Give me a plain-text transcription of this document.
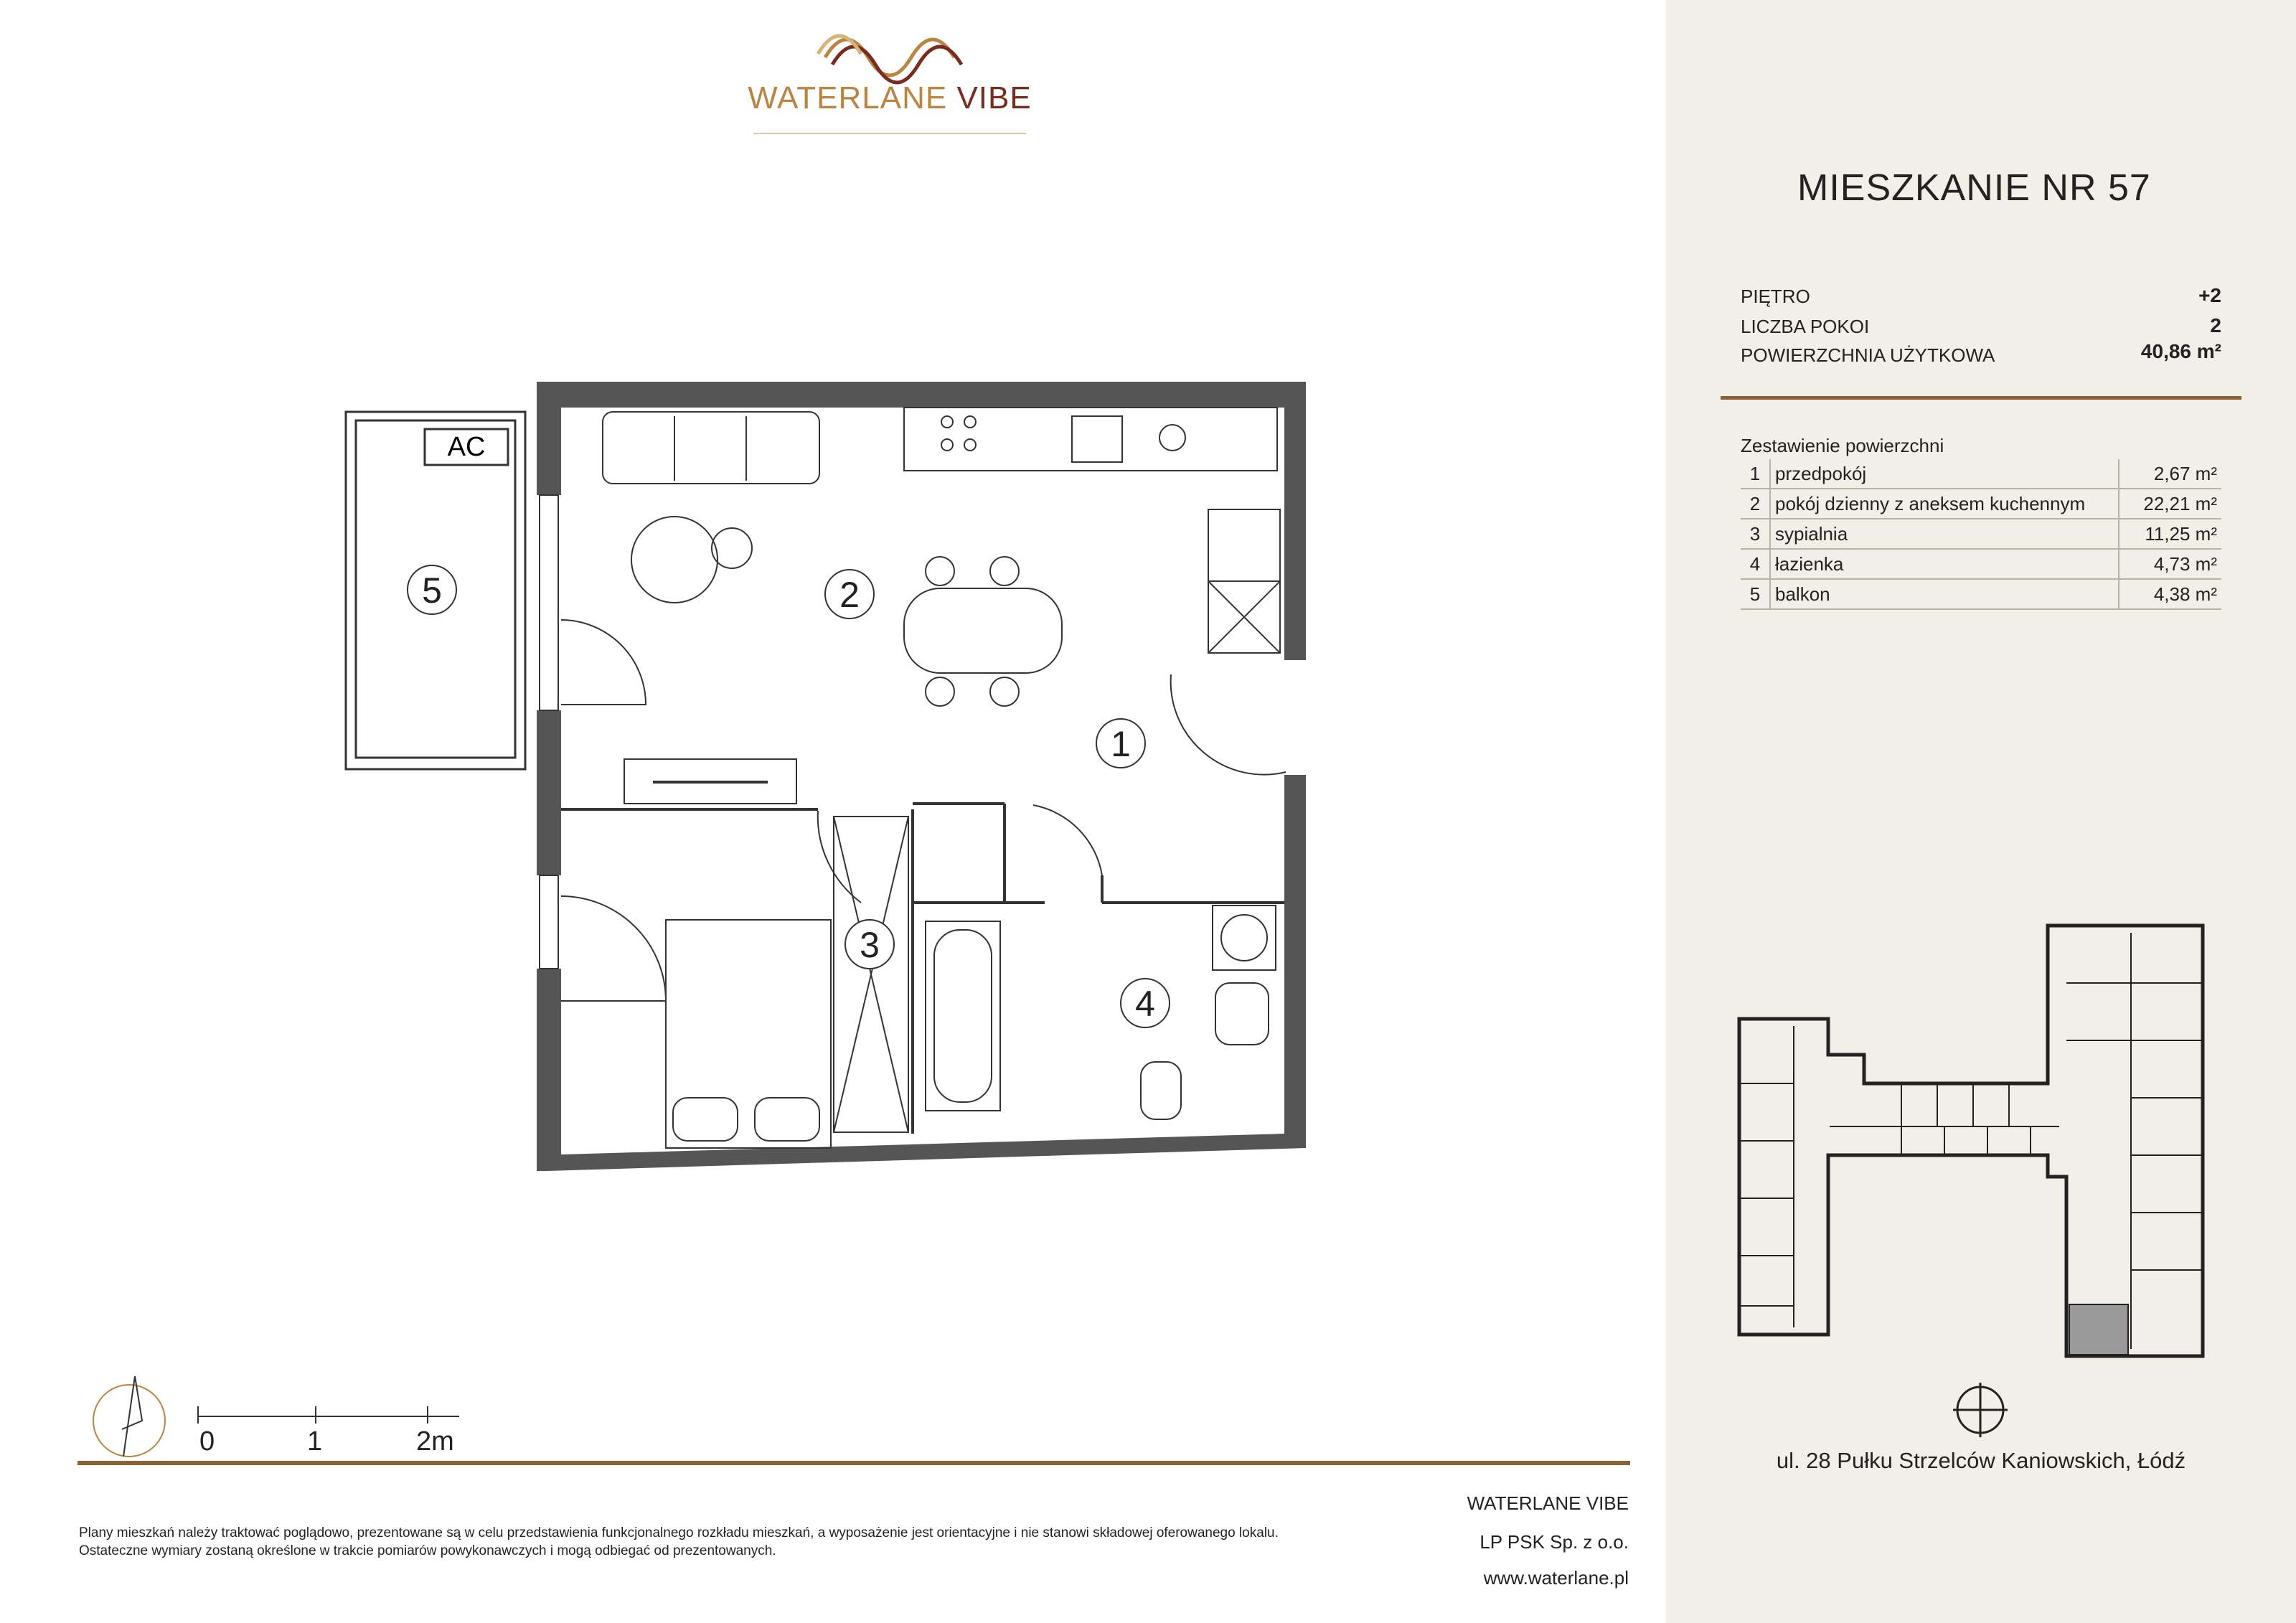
WATERLANE VIBE
AC
1
2
3
4
5
MIESZKANIE NR 57
PIĘTRO	+2
LICZBA POKOI	2
POWIERZCHNIA UŻYTKOWA	40,86 m²
Zestawienie powierzchni
1	przedpokój	2,67 m²
2	pokój dzienny z aneksem kuchennym	22,21 m²
3	sypialnia	11,25 m²
4	łazienka	4,73 m²
5	balkon	4,38 m²
ul. 28 Pułku Strzelców Kaniowskich, Łódź
0	1	2m
Plany mieszkań należy traktować poglądowo, prezentowane są w celu przedstawienia funkcjonalnego rozkładu mieszkań, a wyposażenie jest orientacyjne i nie stanowi składowej oferowanego lokalu.
Ostateczne wymiary zostaną określone w trakcie pomiarów powykonawczych i mogą odbiegać od prezentowanych.
WATERLANE VIBE
LP PSK Sp. z o.o.
www.waterlane.pl
